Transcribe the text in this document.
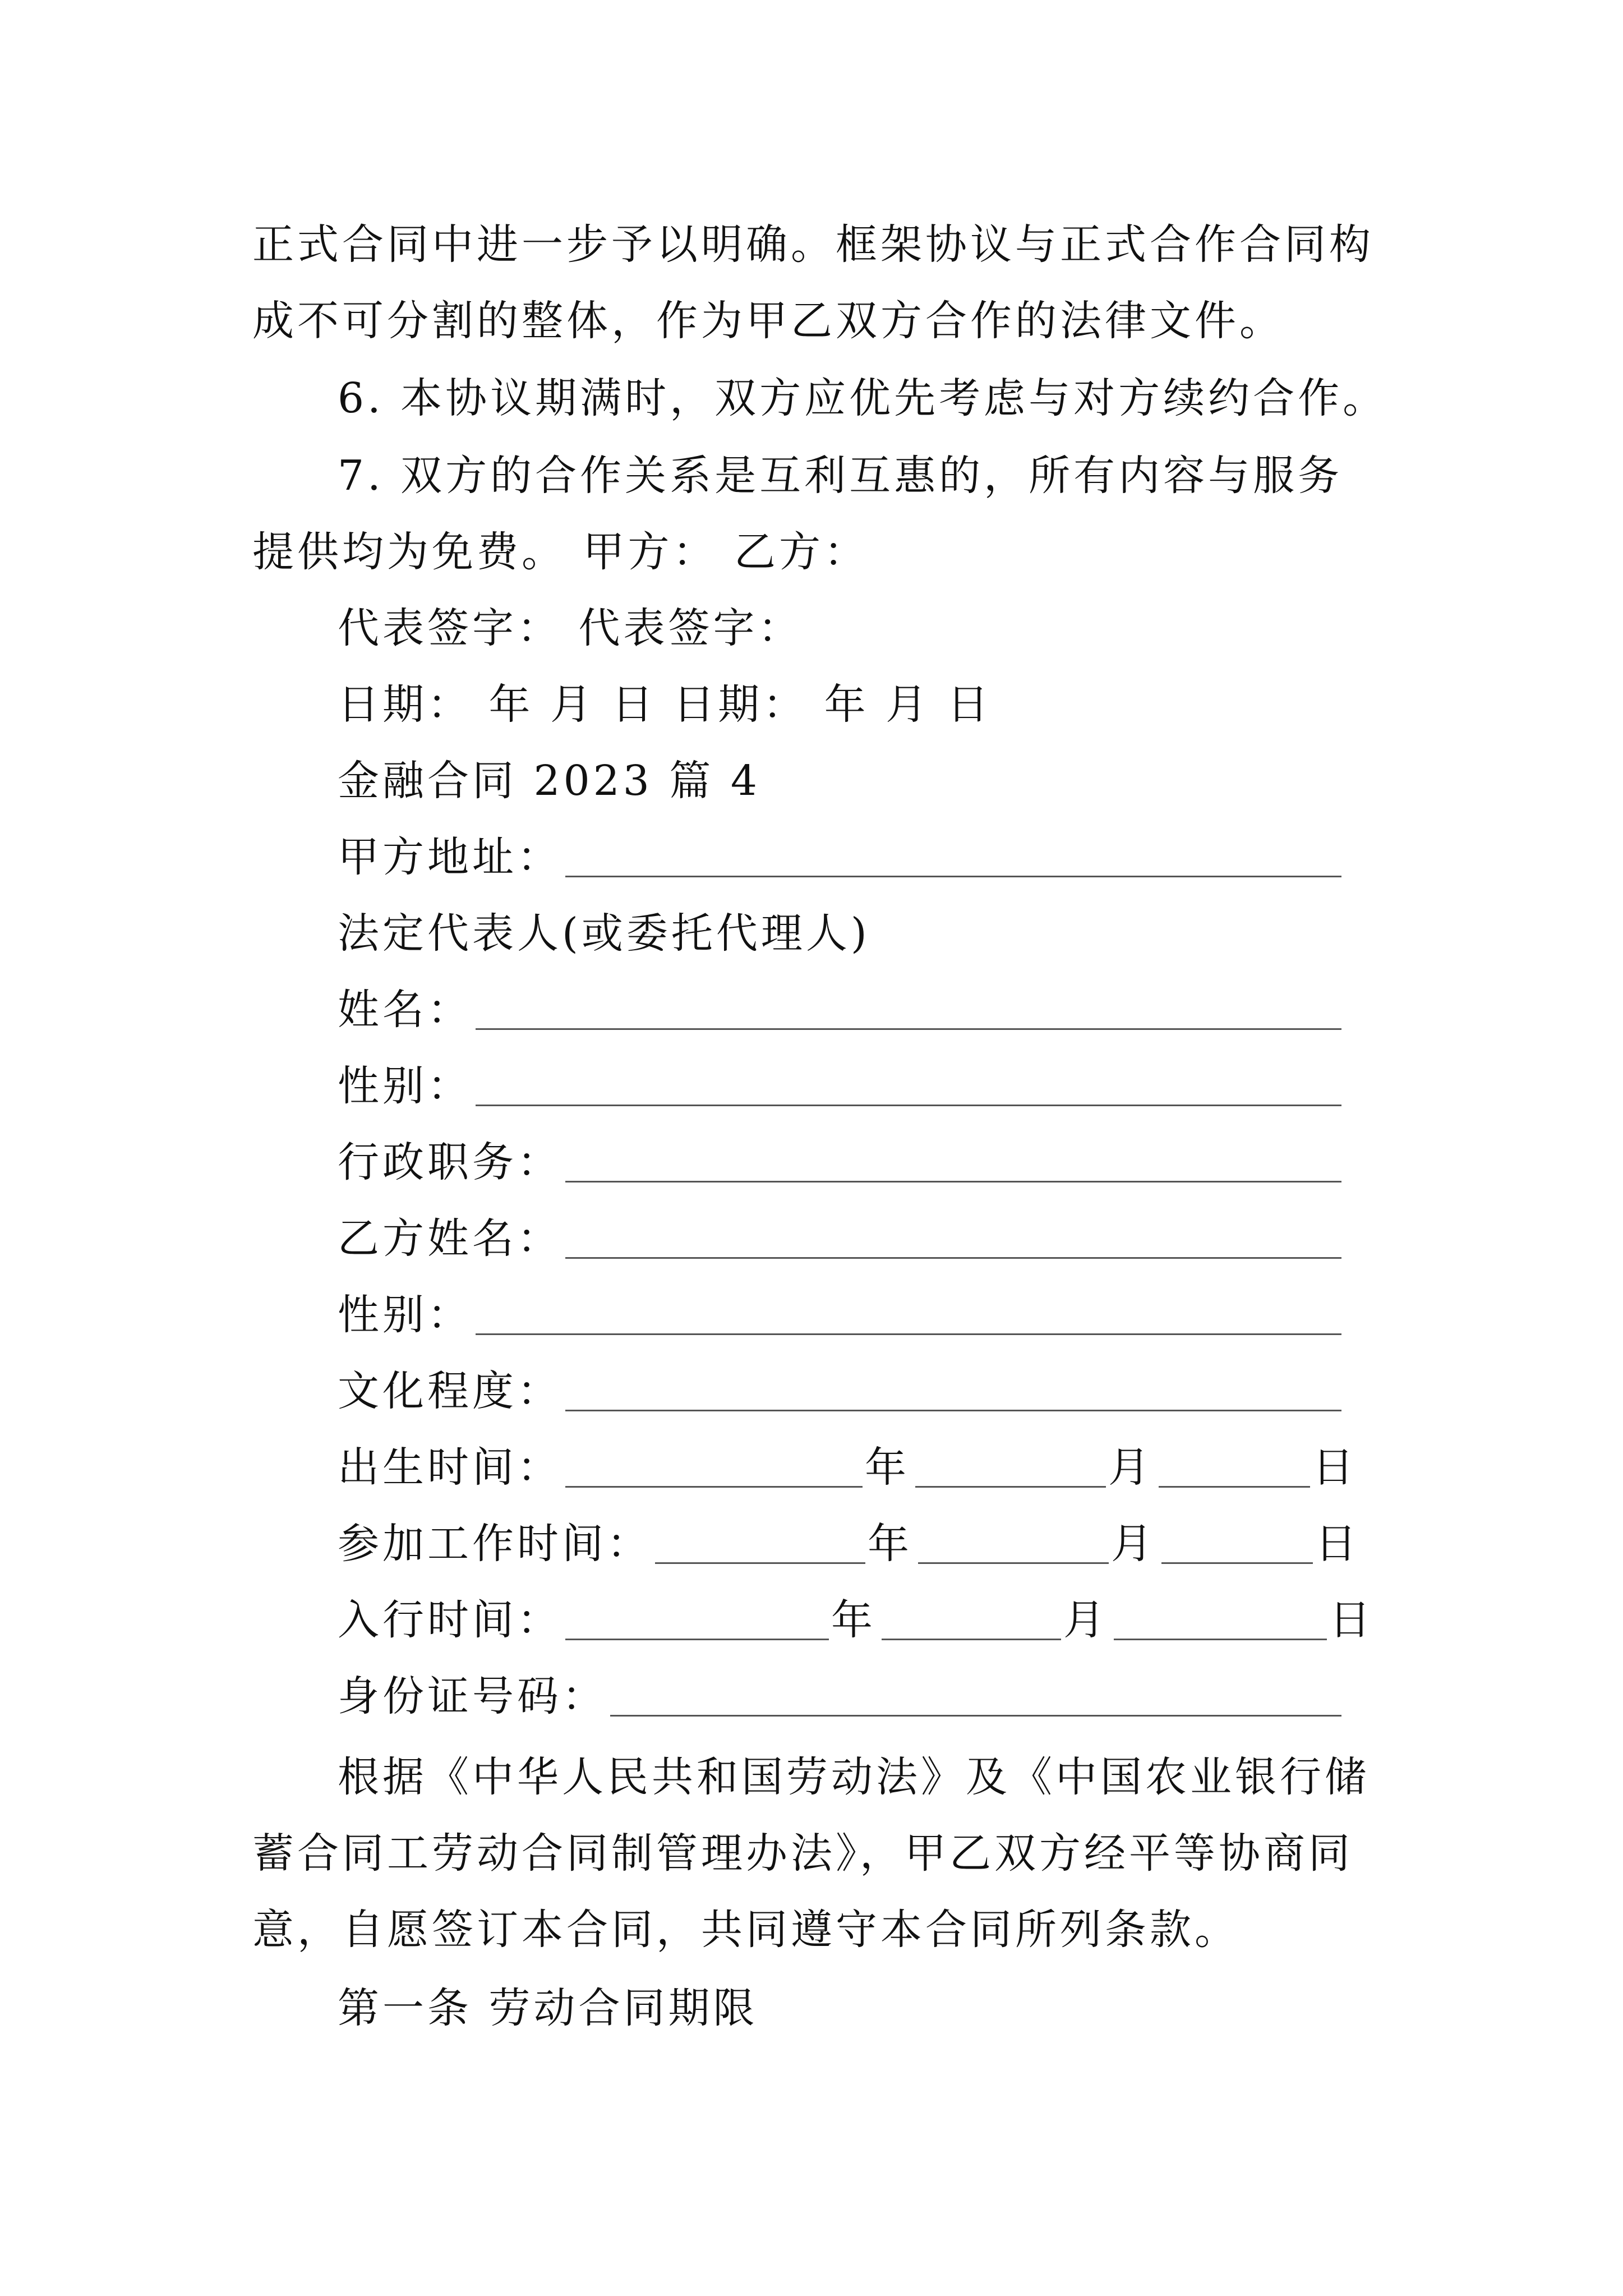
正式合同中进一步予以明确。框架协议与正式合作合同构成不可分割的整体，作为甲乙双方合作的法律文件。
6. 本协议期满时，双方应优先考虑与对方续约合作。
7. 双方的合作关系是互利互惠的，所有内容与服务提供均为免费。 甲方： 乙方：
代表签字： 代表签字：
日期： 年 月 日 日期： 年 月 日
金融合同 2023 篇 4
甲方地址：
法定代表人(或委托代理人)
姓名：
性别：
行政职务：
乙方姓名：
性别：
文化程度：
出生时间：	年	月	日
参加工作时间：	年	月	日
入行时间：	年	月	日
身份证号码：
根据《中华人民共和国劳动法》及《中国农业银行储蓄合同工劳动合同制管理办法》，甲乙双方经平等协商同意，自愿签订本合同，共同遵守本合同所列条款。
第一条 劳动合同期限
